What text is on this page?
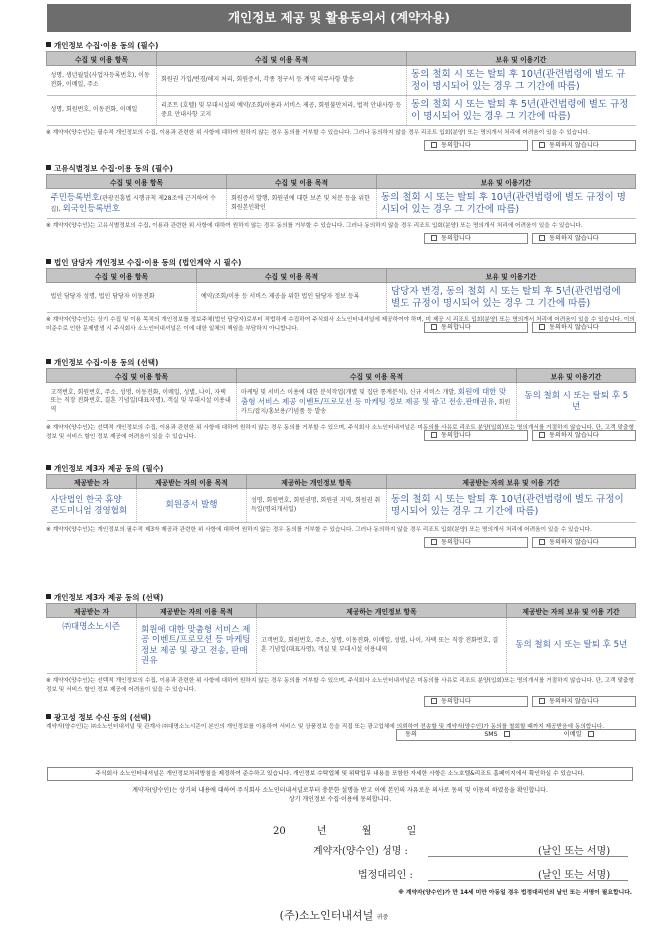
개인정보 제공 및 활용동의서 (계약자용)
개인정보 수집·이용 동의 (필수)
수집 및 이용 항목	수집 및 이용 목적	보유 및 이용기간
성명, 생년월일(사업자등록번호), 이동전화, 이메일, 주소	회원권 가입/변경/해지 처리, 회원증서, 각종 청구서 등 계약 의무사항 발송	동의 철회 시 또는 탈퇴 후 10년(관련법령에 별도 규정이 명시되어 있는 경우 그 기간에 따름)
성명, 회원번호, 이동전화, 이메일	리조트 (호텔) 및 부대시설의 예약/조회/이용과 서비스 제공, 회원불만처리, 법적 안내사항 등 중요 안내사항 고지	동의 철회 시 또는 탈퇴 후 5년(관련법령에 별도 규정이 명시되어 있는 경우 그 기간에 따름)
※ 계약자(양수인)는 필수적 개인정보의 수집, 이용과 관련한 위 사항에 대하여 원하지 않는 경우 동의를 거부할 수 있습니다. 그러나 동의하지 않을 경우 리조트 입회(분양) 또는 명의개서 처리에 어려움이 있을 수 있습니다.
동의합니다	동의하지 않습니다
고유식별정보 수집·이용 동의 (필수)
수집 및 이용 항목	수집 및 이용 목적	보유 및 이용기간
주민등록번호(관광진흥법 시행규칙 제28조에 근거하여 수집), 외국인등록번호	회원증서 발행, 회원권에 대한 보존 및 처분 등을 위한 회원본인확인	동의 철회 시 또는 탈퇴 후 10년(관련법령에 별도 규정이 명시되어 있는 경우 그 기간에 따름)
※ 계약자(양수인)는 고유식별정보의 수집, 이용과 관련한 위 사항에 대하여 원하지 않는 경우 동의를 거부할 수 있습니다. 그러나 동의하지 않을 경우 리조트 입회(분양) 또는 명의개서 처리에 어려움이 있을 수 있습니다.
동의합니다	동의하지 않습니다
법인 담당자 개인정보 수집·이용 동의 (법인계약 시 필수)
수집 및 이용 항목	수집 및 이용 목적	보유 및 이용기간
법인 담당자 성명, 법인 담당자 이동전화	예약/조회/이용 등 서비스 제공을 위한 법인 담당자 정보 등록	담당자 변경, 동의 철회 시 또는 탈퇴 후 5년(관련법령에 별도 규정이 명시되어 있는 경우 그 기간에 따름)
※ 계약자(양수인)는 상기 수집 및 이용 목적의 개인정보를 정보주체(법인 담당자)로부터 적법하게 수집하여 주식회사 소노인터내셔널에 제공하여야 하며, 미 제공 시 리조트 입회(분양) 또는 명의개서 처리에 어려움이 있을 수 있습니다. 이의 미준수로 인한 문제발생 시 주식회사 소노인터내셔널은 이에 대한 일체의 책임을 부담하지 아니합니다.	동의합니다	동의하지 않습니다
개인정보 수집·이용 동의 (선택)
수집 및 이용 항목	수집 및 이용 목적	보유 및 이용기간
고객번호, 회원번호, 주소, 성명, 이동전화, 이메일, 성별, 나이, 자택 또는 직장 전화번호, 결혼 기념일(대표자명), 객실 및 부대시설 이용내역	마케팅 및 서비스 이용에 대한 분석작업(개별 및 집단 통계분석), 신규 서비스 개발, 회원에 대한 맞춤형 서비스 제공 이벤트/프로모션 등 마케팅 정보 제공 및 광고 전송,판매권유, 회원카드/잡지/홍보용/기념품 등 발송	동의 철회 시 또는 탈퇴 후 5년
※ 계약자(양수인)는 선택적 개인정보의 수집, 이용과 관련한 위 사항에 대하여 원하지 않는 경우 동의를 거부할 수 있으며, 주식회사 소노인터내셔널은 미동의를 사유로 리조트 분양(입회)또는 명의개서를 거절하지 않습니다. 단, 고객 맞춤형 정보 및 서비스 할인 정보 제공에 어려움이 있을 수 있습니다.	동의합니다	동의하지 않습니다
개인정보 제3자 제공 동의 (필수)
제공받는 자	제공받는 자의 이용 목적	제공하는 개인정보 항목	제공받는 자의 보유 및 이용 기간
사단법인 한국 휴양 콘도미니엄 경영협회	회원증서 발행	성명, 회원번호, 회원권명, 회원권 지역, 회원권 취득일(명의개서일)	동의 철회 시 또는 탈퇴 후 10년(관련법령에 별도 규정이 명시되어 있는 경우 그 기간에 따름)
※ 계약자(양수인)는 개인정보의 필수적 제3자 제공과 관련한 위 사항에 대하여 원하지 않는 경우 동의를 거부할 수 있습니다. 그러나 동의하지 않을 경우 리조트 입회(분양) 또는 명의개서 처리에 어려움이 있을 수 있습니다.
동의합니다	동의하지 않습니다
개인정보 제3자 제공 동의 (선택)
제공받는 자	제공받는 자의 이용 목적	제공하는 개인정보 항목	제공받는 자의 보유 및 이용 기간
㈜대명소노시즌	회원에 대한 맞춤형 서비스 제공 이벤트/프로모션 등 마케팅 정보 제공 및 광고 전송, 판매권유	고객번호, 회원번호, 주소, 성명, 이동전화, 이메일, 성별, 나이, 자택 또는 직장 전화번호, 결혼 기념일(대표자명), 객실 및 부대시설 이용내역	동의 철회 시 또는 탈퇴 후 5년
※ 계약자(양수인)는 선택적 개인정보의 수집, 이용과 관련한 위 사항에 대하여 원하지 않는 경우 동의를 거부할 수 있으며, 주식회사 소노인터내셔널은 미동의를 사유로 리조트 분양(입회)또는 명의개서를 거절하지 않습니다. 단, 고객 맞춤형 정보 및 서비스 할인 정보 제공에 어려움이 있을 수 있습니다.
동의합니다	동의하지 않습니다
광고성 정보 수신 동의 (선택)
계약자(양수인)는 ㈜소노인터내셔널 및 관계사 ㈜대명소노시즌이 본인의 개인정보를 이용하여 서비스 및 상품정보 등을 직접 또는 광고업체에 의뢰하여 전송할 및 계약자(양수인)가 동의를 철회할 때까지 제공받음에 동의합니다.
동의	SMS	이메일
주식회사 소노인터내셔널은 개인정보처리방침을 제정하여 준수하고 있습니다. 개인정보 수탁업체 및 위탁업무 내용을 포함한 자세한 사항은 소노호텔&리조트 홈페이지에서 확인하실 수 있습니다.
계약자(양수인)는 상기의 내용에 대하여 주식회사 소노인터내셔널로부터 충분한 설명을 받고 이에 본인의 자유로운 의사로 동의 및 이동의 하였음을 확인합니다.
상기 개인정보 수집·이용에 동의합니다.
20	년	월	일
계약자(양수인) 성명 :	(날인 또는 서명)
법정대리인 :	(날인 또는 서명)
※ 계약자(양수인)가 만 14세 미만 아동일 경우 법정대리인의 날인 또는 서명이 필요합니다.
(주)소노인터내셔널 귀중
